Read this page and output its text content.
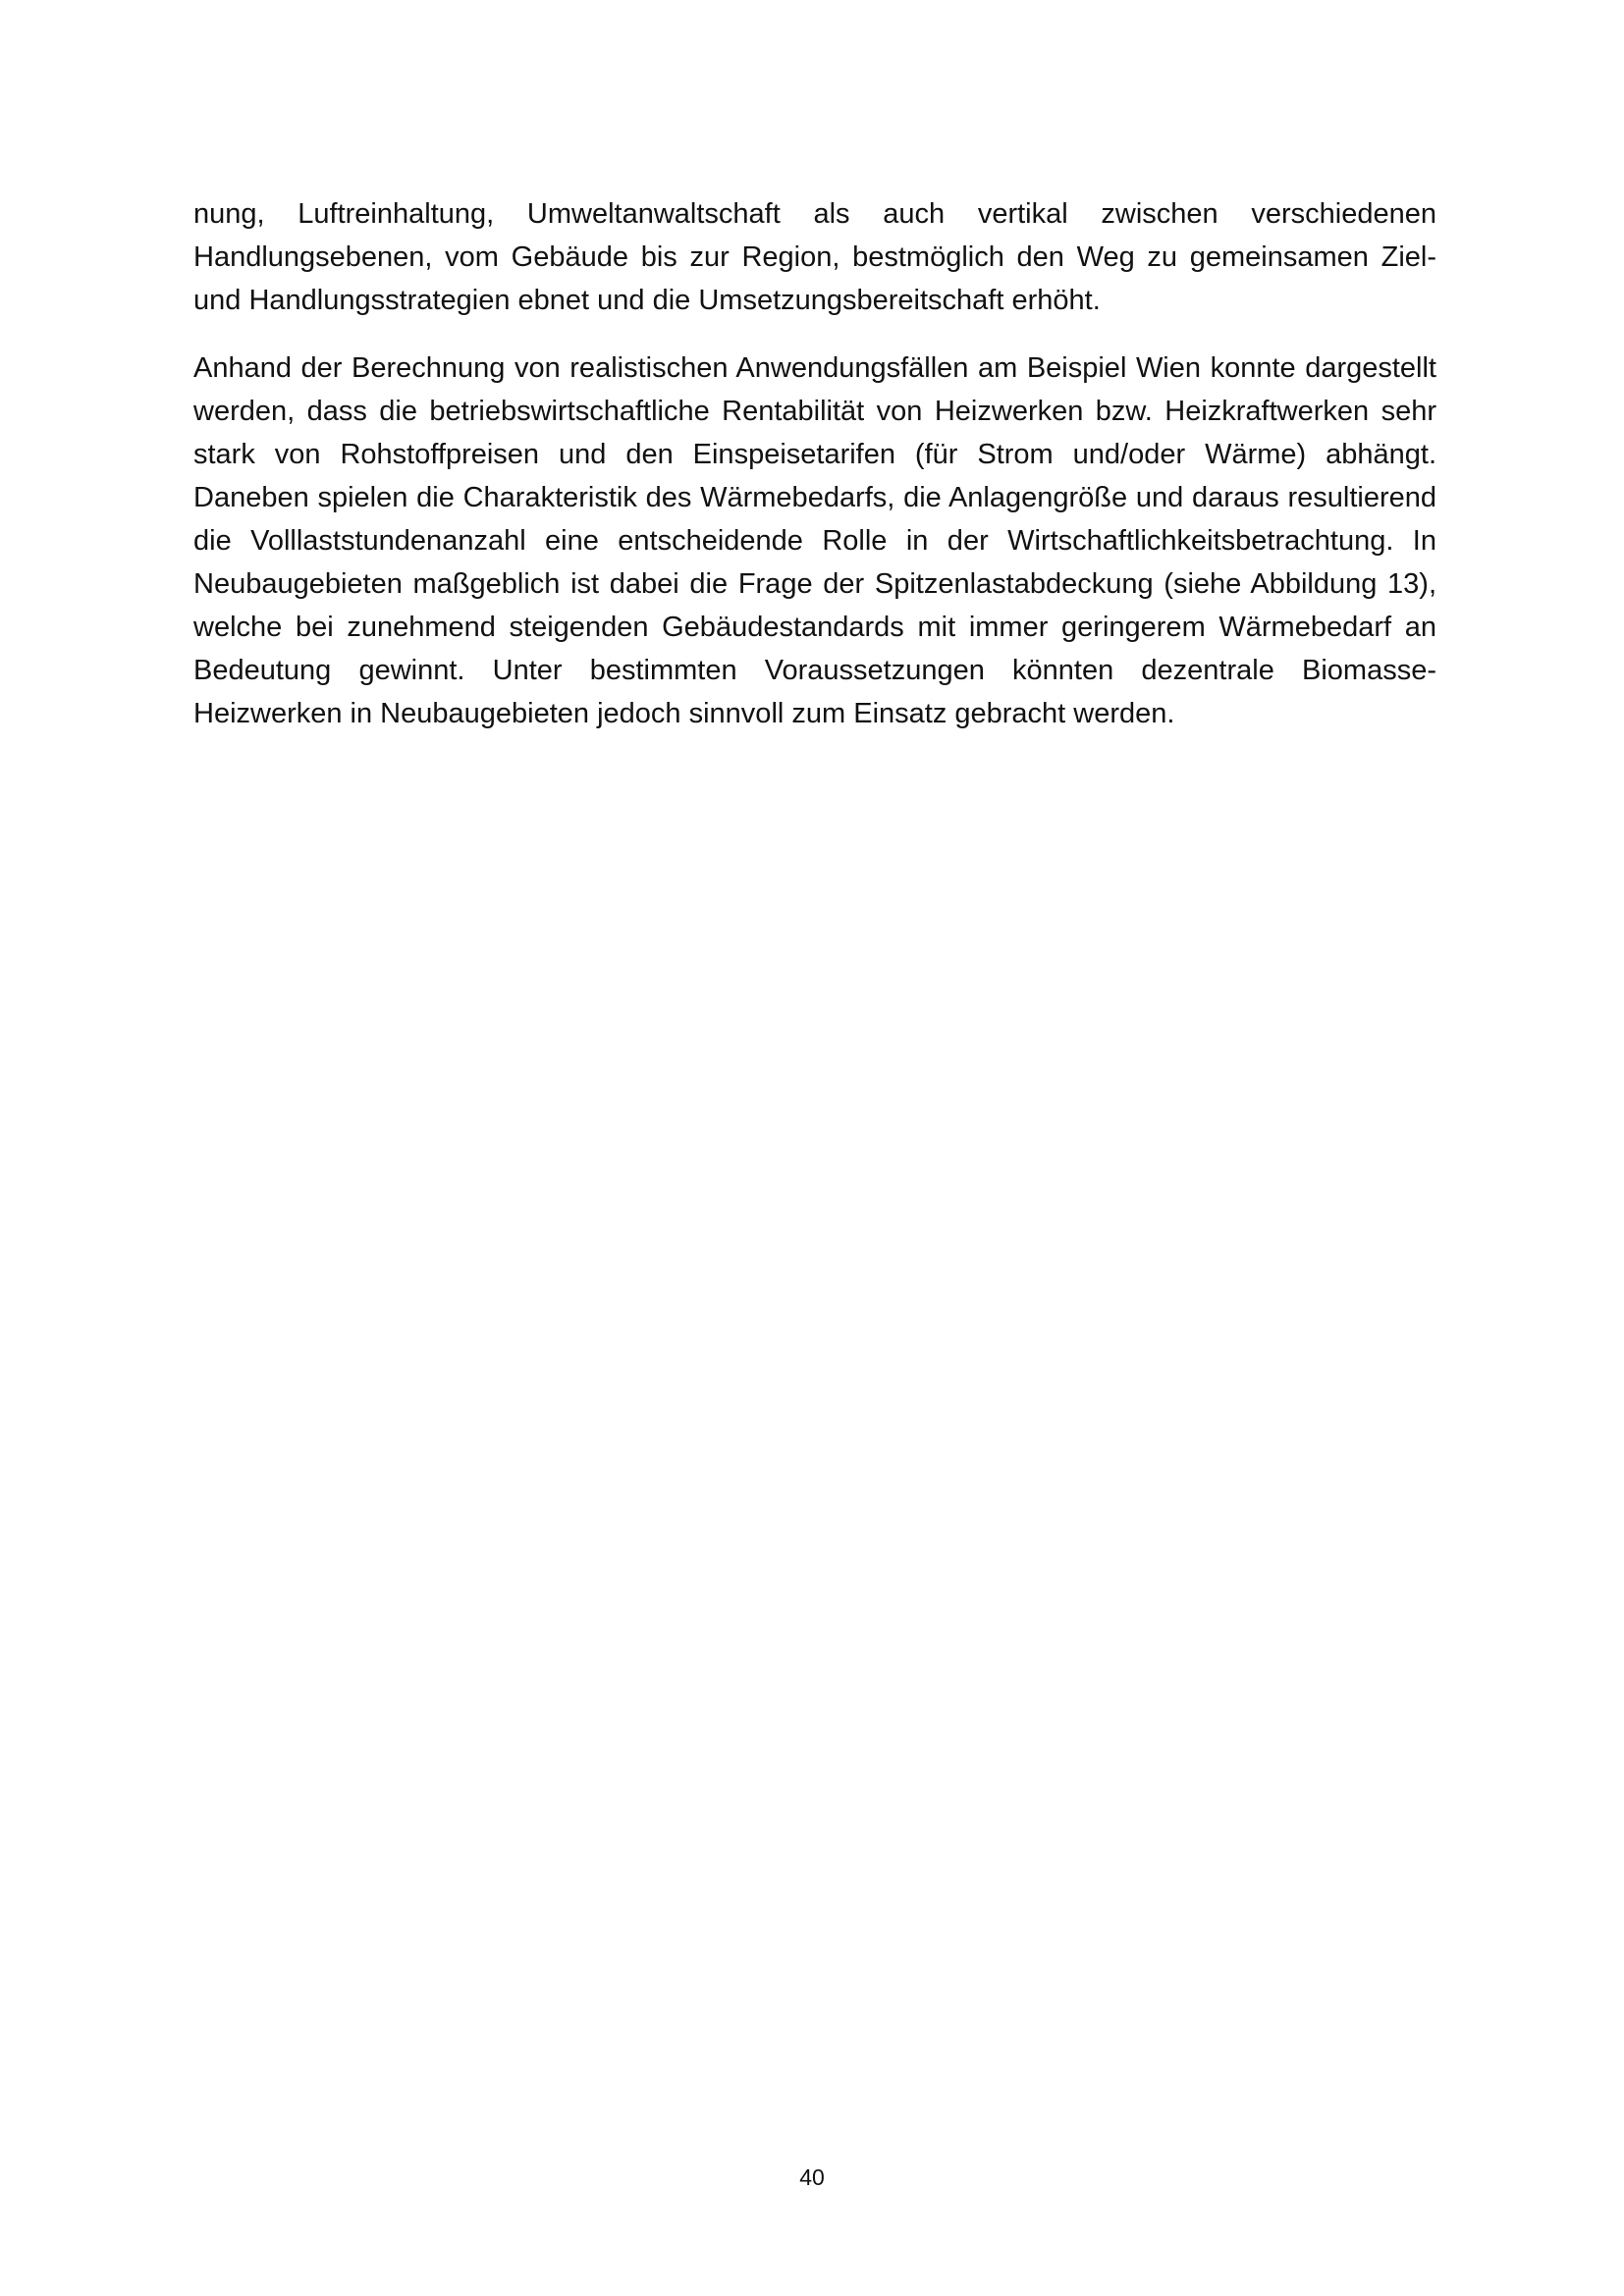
nung, Luftreinhaltung, Umweltanwaltschaft als auch vertikal zwischen verschiedenen Handlungsebenen, vom Gebäude bis zur Region, bestmöglich den Weg zu gemeinsamen Ziel- und Handlungsstrategien ebnet und die Umsetzungsbereitschaft erhöht.

Anhand der Berechnung von realistischen Anwendungsfällen am Beispiel Wien konnte dargestellt werden, dass die betriebswirtschaftliche Rentabilität von Heizwerken bzw. Heizkraftwerken sehr stark von Rohstoffpreisen und den Einspeisetarifen (für Strom und/oder Wärme) abhängt. Daneben spielen die Charakteristik des Wärmebedarfs, die Anlagengröße und daraus resultierend die Volllaststundenanzahl eine entscheidende Rolle in der Wirtschaftlichkeitsbetrachtung. In Neubaugebieten maßgeblich ist dabei die Frage der Spitzenlastabdeckung (siehe Abbildung 13), welche bei zunehmend steigenden Gebäudestandards mit immer geringerem Wärmebedarf an Bedeutung gewinnt. Unter bestimmten Voraussetzungen könnten dezentrale Biomasse-Heizwerken in Neubaugebieten jedoch sinnvoll zum Einsatz gebracht werden.

40
